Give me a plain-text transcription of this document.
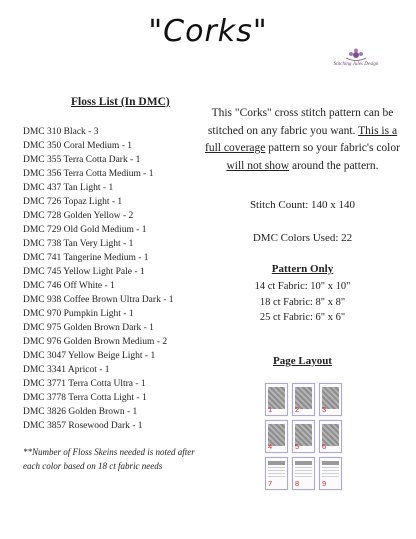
"Corks"
Stitching Jules Design
Floss List (In DMC)
DMC 310 Black - 3
DMC 350 Coral Medium - 1
DMC 355 Terra Cotta Dark - 1
DMC 356 Terra Cotta Medium - 1
DMC 437 Tan Light - 1
DMC 726 Topaz Light - 1
DMC 728 Golden Yellow - 2
DMC 729 Old Gold Medium - 1
DMC 738 Tan Very Light - 1
DMC 741 Tangerine Medium - 1
DMC 745 Yellow Light Pale - 1
DMC 746 Off White - 1
DMC 938 Coffee Brown Ultra Dark - 1
DMC 970 Pumpkin Light - 1
DMC 975 Golden Brown Dark - 1
DMC 976 Golden Brown Medium - 2
DMC 3047 Yellow Beige Light - 1
DMC 3341 Apricot - 1
DMC 3771 Terra Cotta Ultra - 1
DMC 3778 Terra Cotta Light - 1
DMC 3826 Golden Brown - 1
DMC 3857 Rosewood Dark - 1
**Number of Floss Skeins needed is noted after each color based on 18 ct fabric needs
This "Corks" cross stitch pattern can be stitched on any fabric you want. This is a full coverage pattern so your fabric's color will not show around the pattern.
Stitch Count: 140 x 140
DMC Colors Used: 22
Pattern Only
14 ct Fabric: 10" x 10"
18 ct Fabric: 8" x 8"
25 ct Fabric: 6" x 6"
Page Layout
1	2	3
4	5	6
7	8	9
